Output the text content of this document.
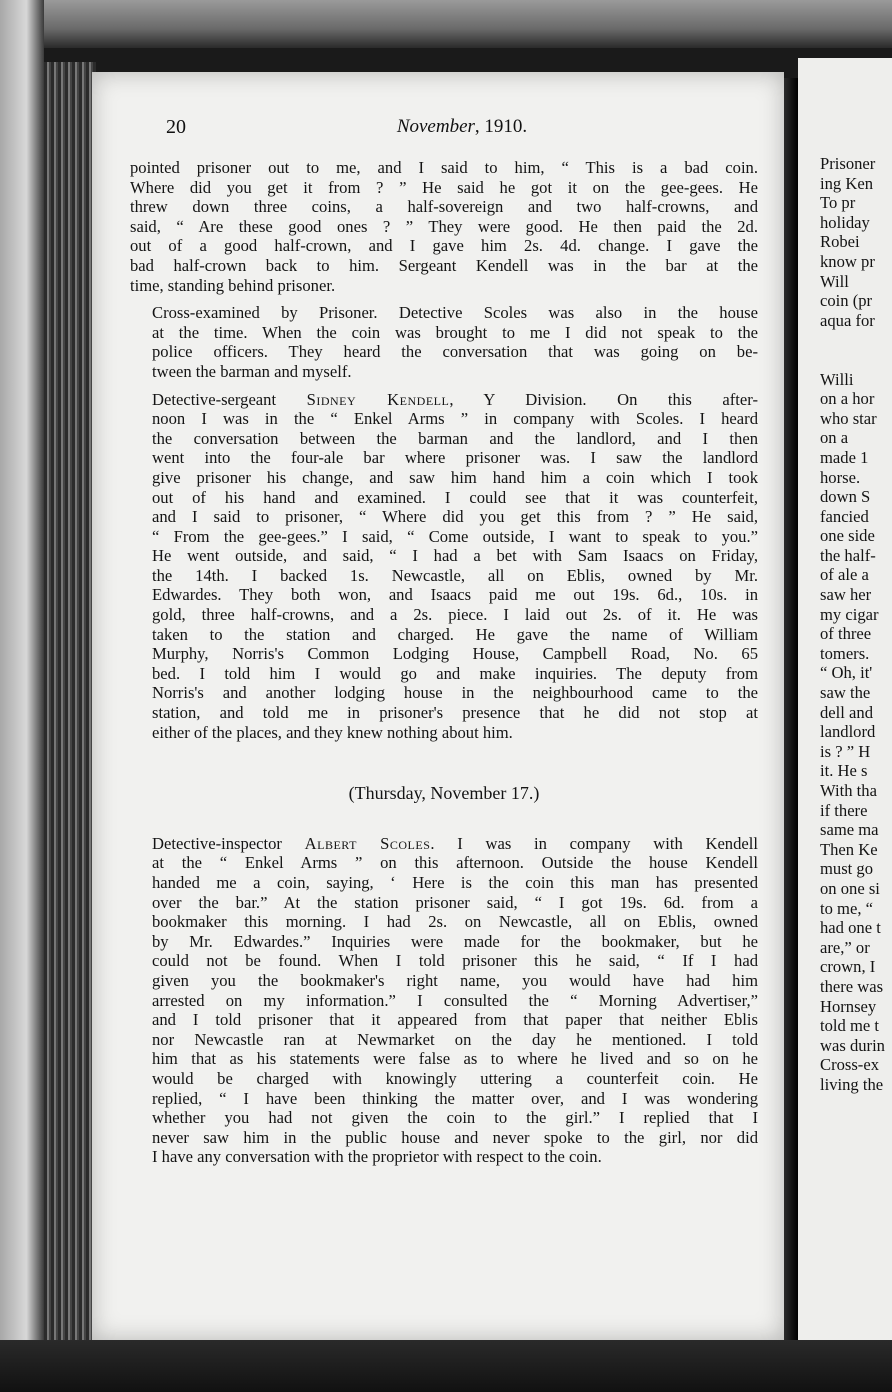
Prisoner
ing Ken
To pr
holiday
Robei
know pr
Will
coin (pr
aqua for
Willi
on a hor
who star
on a
made 1
horse.
down S
fancied
one side
the half-
of ale a
saw her
my cigar
of three
tomers.
“ Oh, it'
saw the
dell and
landlord
is ? ” H
it. He s
With tha
if there
same ma
Then Ke
must go
on one si
to me, “
had one t
are,” or
crown, I
there was
Hornsey
told me t
was durin
Cross-ex
living the
20	November, 1910.
pointed prisoner out to me, and I said to him, “ This is a bad coin.
Where did you get it from ? ” He said he got it on the gee-gees. He
threw down three coins, a half-sovereign and two half-crowns, and
said, “ Are these good ones ? ” They were good. He then paid the 2d.
out of a good half-crown, and I gave him 2s. 4d. change. I gave the
bad half-crown back to him. Sergeant Kendell was in the bar at the
time, standing behind prisoner.
Cross-examined by Prisoner. Detective Scoles was also in the house
at the time. When the coin was brought to me I did not speak to the
police officers. They heard the conversation that was going on be-
tween the barman and myself.
Detective-sergeant Sidney Kendell, Y Division. On this after-
noon I was in the “ Enkel Arms ” in company with Scoles. I heard
the conversation between the barman and the landlord, and I then
went into the four-ale bar where prisoner was. I saw the landlord
give prisoner his change, and saw him hand him a coin which I took
out of his hand and examined. I could see that it was counterfeit,
and I said to prisoner, “ Where did you get this from ? ” He said,
“ From the gee-gees.” I said, “ Come outside, I want to speak to you.”
He went outside, and said, “ I had a bet with Sam Isaacs on Friday,
the 14th. I backed 1s. Newcastle, all on Eblis, owned by Mr.
Edwardes. They both won, and Isaacs paid me out 19s. 6d., 10s. in
gold, three half-crowns, and a 2s. piece. I laid out 2s. of it. He was
taken to the station and charged. He gave the name of William
Murphy, Norris's Common Lodging House, Campbell Road, No. 65
bed. I told him I would go and make inquiries. The deputy from
Norris's and another lodging house in the neighbourhood came to the
station, and told me in prisoner's presence that he did not stop at
either of the places, and they knew nothing about him.
(Thursday, November 17.)
Detective-inspector Albert Scoles. I was in company with Kendell
at the “ Enkel Arms ” on this afternoon. Outside the house Kendell
handed me a coin, saying, ‘ Here is the coin this man has presented
over the bar.” At the station prisoner said, “ I got 19s. 6d. from a
bookmaker this morning. I had 2s. on Newcastle, all on Eblis, owned
by Mr. Edwardes.” Inquiries were made for the bookmaker, but he
could not be found. When I told prisoner this he said, “ If I had
given you the bookmaker's right name, you would have had him
arrested on my information.” I consulted the “ Morning Advertiser,”
and I told prisoner that it appeared from that paper that neither Eblis
nor Newcastle ran at Newmarket on the day he mentioned. I told
him that as his statements were false as to where he lived and so on he
would be charged with knowingly uttering a counterfeit coin. He
replied, “ I have been thinking the matter over, and I was wondering
whether you had not given the coin to the girl.” I replied that I
never saw him in the public house and never spoke to the girl, nor did
I have any conversation with the proprietor with respect to the coin.
